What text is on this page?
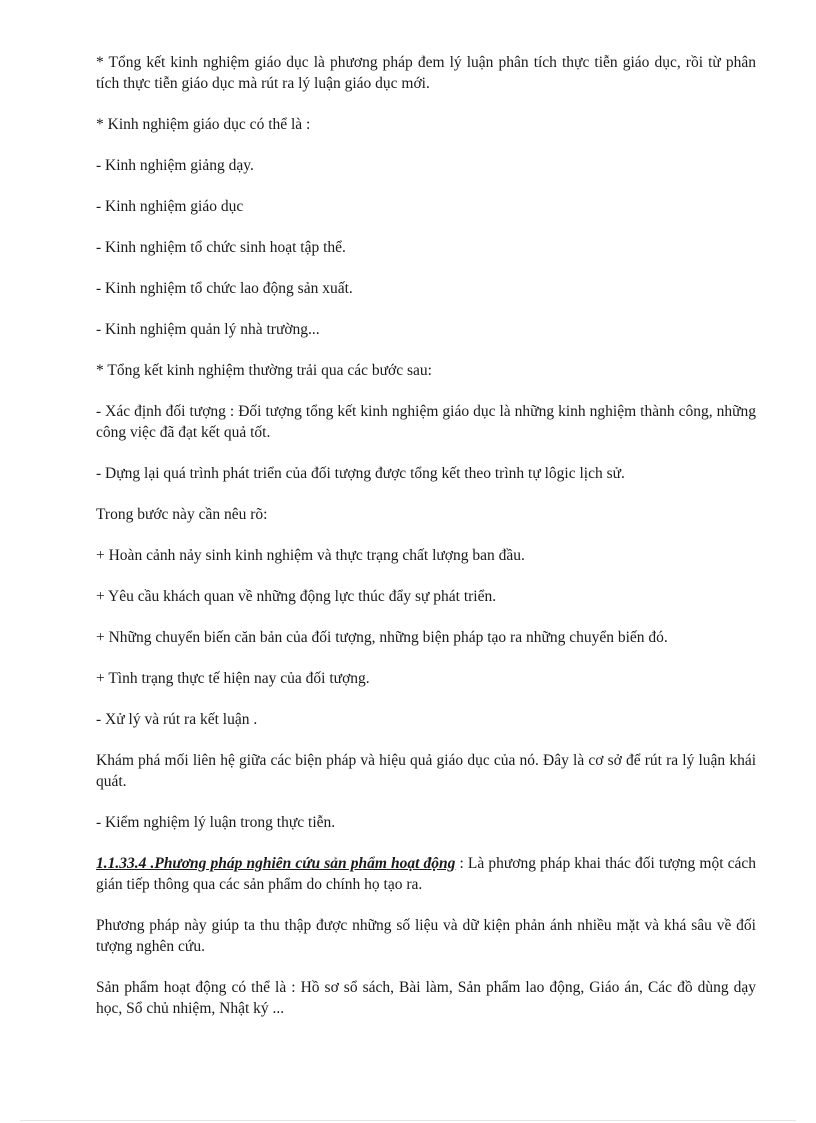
* Tổng kết kinh nghiệm giáo dục là phương pháp đem lý luận phân tích thực tiễn giáo dục, rồi từ phân tích thực tiễn giáo dục mà rút ra lý luận giáo dục mới.

* Kinh nghiệm giáo dục có thể là :

- Kinh nghiệm giảng dạy.

- Kinh nghiệm giáo dục

- Kinh nghiệm tổ chức sinh hoạt tập thể.

- Kinh nghiệm tổ chức lao động sản xuất.

- Kinh nghiệm quản lý nhà trường...

* Tổng kết kinh nghiệm thường trải qua các bước sau:

- Xác định đối tượng : Đối tượng tổng kết kinh nghiệm giáo dục là những kinh nghiệm thành công, những công việc đã đạt kết quả tốt.

- Dựng lại quá trình phát triển của đối tượng được tổng kết theo trình tự lôgic lịch sử.

Trong bước này cần nêu rõ:

+ Hoàn cảnh nảy sinh kinh nghiệm và thực trạng chất lượng ban đầu.

+ Yêu cầu khách quan về những động lực thúc đẩy sự phát triển.

+ Những chuyển biến căn bản của đối tượng, những biện pháp tạo ra những chuyển biến đó.

+ Tình trạng thực tế hiện nay của đối tượng.

- Xử lý và rút ra kết luận .

Khám phá mối liên hệ giữa các biện pháp và hiệu quả giáo dục của nó. Đây là cơ sở để rút ra lý luận khái quát.

- Kiểm nghiệm lý luận trong thực tiễn.

1.1.33.4 .Phương pháp nghiên cứu sản phẩm hoạt động : Là phương pháp khai thác đối tượng một cách gián tiếp thông qua các sản phẩm do chính họ tạo ra.

Phương pháp này giúp ta thu thập được những số liệu và dữ kiện phản ánh nhiều mặt và khá sâu về đối tượng nghên cứu.

Sản phẩm hoạt động có thể là : Hồ sơ sổ sách, Bài làm, Sản phẩm lao động, Giáo án, Các đồ dùng dạy học, Sổ chủ nhiệm, Nhật ký ...
